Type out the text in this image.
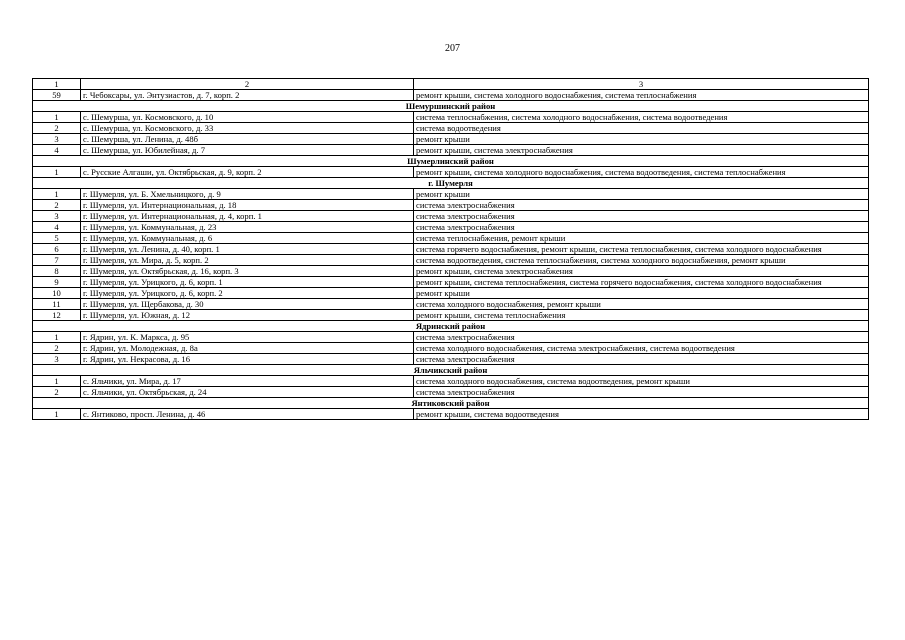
207
1	2	3
59	г. Чебоксары, ул. Энтузиастов, д. 7, корп. 2	ремонт крыши, система холодного водоснабжения, система теплоснабжения
Шемуршинский район		
1	с. Шемурша, ул. Космовского, д. 10	система теплоснабжения, система холодного водоснабжения, система водоотведения
2	с. Шемурша, ул. Космовского, д. 33	система водоотведения
3	с. Шемурша, ул. Ленина, д. 48б	ремонт крыши
4	с. Шемурша, ул. Юбилейная, д. 7	ремонт крыши, система электроснабжения
Шумерлинский район		
1	с. Русские Алгаши, ул. Октябрьская, д. 9, корп. 2	ремонт крыши, система холодного водоснабжения, система водоотведения, система теплоснабжения
г. Шумерля		
1	г. Шумерля, ул. Б. Хмельницкого, д. 9	ремонт крыши
2	г. Шумерля, ул. Интернациональная, д. 18	система электроснабжения
3	г. Шумерля, ул. Интернациональная, д. 4, корп. 1	система электроснабжения
4	г. Шумерля, ул. Коммунальная, д. 23	система электроснабжения
5	г. Шумерля, ул. Коммунальная, д. 6	система теплоснабжения, ремонт крыши
6	г. Шумерля, ул. Ленина, д. 40, корп. 1	система горячего водоснабжения, ремонт крыши, система теплоснабжения, система холодного водоснабжения
7	г. Шумерля, ул. Мира, д. 5, корп. 2	система водоотведения, система теплоснабжения, система холодного водоснабжения, ремонт крыши
8	г. Шумерля, ул. Октябрьская, д. 16, корп. 3	ремонт крыши, система электроснабжения
9	г. Шумерля, ул. Урицкого, д. 6, корп. 1	ремонт крыши, система теплоснабжения, система горячего водоснабжения, система холодного водоснабжения
10	г. Шумерля, ул. Урицкого, д. 6, корп. 2	ремонт крыши
11	г. Шумерля, ул. Щербакова, д. 30	система холодного водоснабжения, ремонт крыши
12	г. Шумерля, ул. Южная, д. 12	ремонт крыши, система теплоснабжения
Ядринский район		
1	г. Ядрин, ул. К. Маркса, д. 95	система электроснабжения
2	г. Ядрин, ул. Молодежная, д. 8а	система холодного водоснабжения, система электроснабжения, система водоотведения
3	г. Ядрин, ул. Некрасова, д. 16	система электроснабжения
Яльчикский район		
1	с. Яльчики, ул. Мира, д. 17	система холодного водоснабжения, система водоотведения, ремонт крыши
2	с. Яльчики, ул. Октябрьская, д. 24	система электроснабжения
Янтиковский район		
1	с. Янтиково, просп. Ленина, д. 46	ремонт крыши, система водоотведения
